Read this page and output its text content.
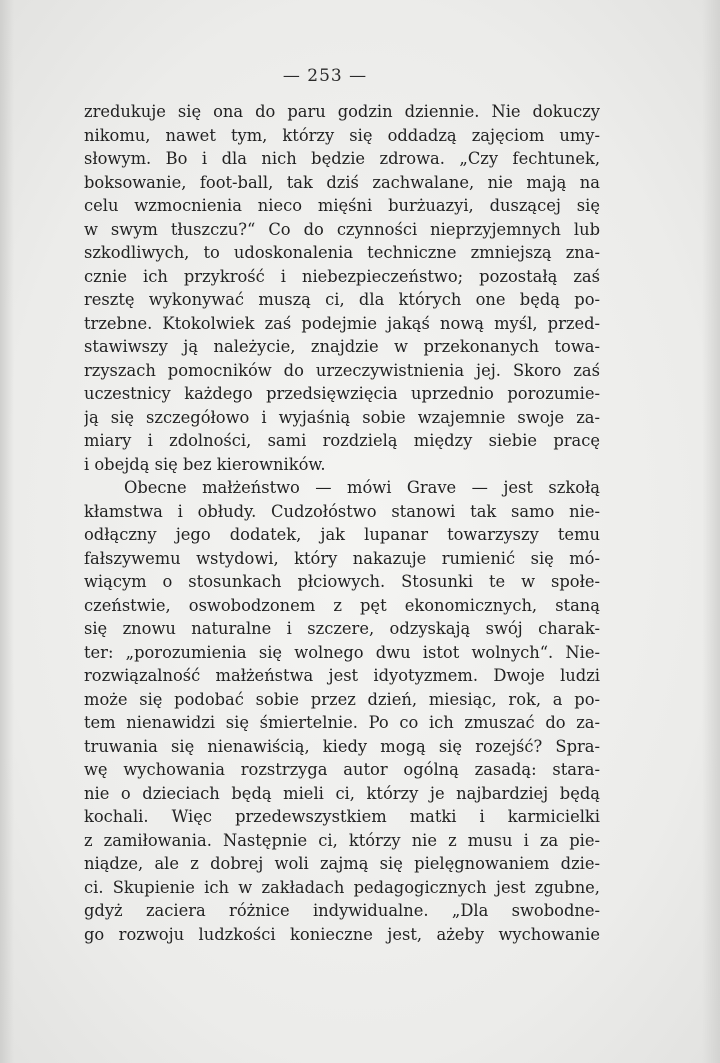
— 253 —
zredukuje się ona do paru godzin dziennie. Nie dokuczy
nikomu, nawet tym, którzy się oddadzą zajęciom umy-
słowym. Bo i dla nich będzie zdrowa. „Czy fechtunek,
boksowanie, foot-ball, tak dziś zachwalane, nie mają na
celu wzmocnienia nieco mięśni burżuazyi, duszącej się
w swym tłuszczu?“ Co do czynności nieprzyjemnych lub
szkodliwych, to udoskonalenia techniczne zmniejszą zna-
cznie ich przykrość i niebezpieczeństwo; pozostałą zaś
resztę wykonywać muszą ci, dla których one będą po-
trzebne. Ktokolwiek zaś podejmie jakąś nową myśl, przed-
stawiwszy ją należycie, znajdzie w przekonanych towa-
rzyszach pomocników do urzeczywistnienia jej. Skoro zaś
uczestnicy każdego przedsięwzięcia uprzednio porozumie-
ją się szczegółowo i wyjaśnią sobie wzajemnie swoje za-
miary i zdolności, sami rozdzielą między siebie pracę
i obejdą się bez kierowników.
Obecne małżeństwo — mówi Grave — jest szkołą
kłamstwa i obłudy. Cudzołóstwo stanowi tak samo nie-
odłączny jego dodatek, jak lupanar towarzyszy temu
fałszywemu wstydowi, który nakazuje rumienić się mó-
wiącym o stosunkach płciowych. Stosunki te w społe-
czeństwie, oswobodzonem z pęt ekonomicznych, staną
się znowu naturalne i szczere, odzyskają swój charak-
ter: „porozumienia się wolnego dwu istot wolnych“. Nie-
rozwiązalność małżeństwa jest idyotyzmem. Dwoje ludzi
może się podobać sobie przez dzień, miesiąc, rok, a po-
tem nienawidzi się śmiertelnie. Po co ich zmuszać do za-
truwania się nienawiścią, kiedy mogą się rozejść? Spra-
wę wychowania rozstrzyga autor ogólną zasadą: stara-
nie o dzieciach będą mieli ci, którzy je najbardziej będą
kochali. Więc przedewszystkiem matki i karmicielki
z zamiłowania. Następnie ci, którzy nie z musu i za pie-
niądze, ale z dobrej woli zajmą się pielęgnowaniem dzie-
ci. Skupienie ich w zakładach pedagogicznych jest zgubne,
gdyż zaciera różnice indywidualne. „Dla swobodne-
go rozwoju ludzkości konieczne jest, ażeby wychowanie
